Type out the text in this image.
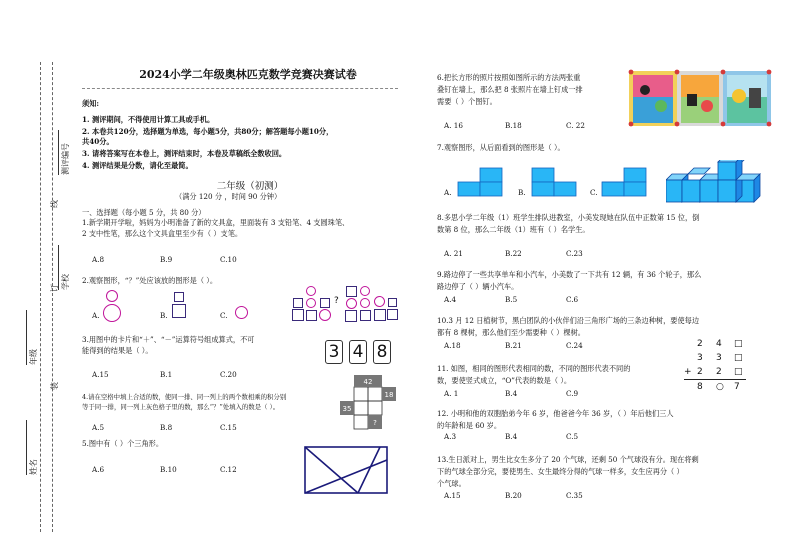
测评编号
学校
年级
姓名
线
订
装
2024小学二年级奥林匹克数学竞赛决赛试卷
须知:
1. 测评期间，不得使用计算工具或手机。
2. 本卷共120分，选择题为单选，每小题5分，共80分；解答题每小题10分，
共40分。
3. 请将答案写在本卷上，测评结束时，本卷及草稿纸全数收回。
4. 测评结果是分数，请化至最简。
二年级（初测）
（满分 120 分 ，时间 90 分钟）
一、选择题（每小题 5 分，共 80 分）
1.新学期开学啦，妈妈为小明准备了新的文具盒，里面装有 3 支铅笔、4 支圆珠笔、
2 支中性笔，那么这个文具盒里至少有（ ）支笔。
A.8	B.9	C.10
2.观察图形，“？”处应该放的图形是（ ）。
A.	B.	C.
?
3.用图中的卡片和“＋”、“－”运算符号组成算式，不可
能得到的结果是（ ）。	3 4 8
A.15	B.1	C.20
4.请在空格中填上合适的数，使同一排、同一列上的两个数相乘的积分别
等于同一排，同一列上灰色格子里的数，那么“？”处填入的数是（ ）。
42
18
35
?
A.5	B.8	C.15
5.图中有（ ）个三角形。
A.6	B.10	C.12
6.把长方形的照片按照如图所示的方法两张重
叠钉在墙上，那么把 8 张照片在墙上钉成一排
需要（ ）个图钉。
A. 16	B.18	C. 22
7.观察图形，从后面看到的图形是（ ）。
A.	B.	C.
8.多思小学二年级（1）班学生排队进教室，小美发现她在队伍中正数第 15 位，倒
数第 8 位，那么二年级（1）班有（ ）名学生。
A. 21	B.22	C.23
9.路边停了一些共享单车和小汽车，小美数了一下共有 12 辆，有 36 个轮子，那么
路边停了（ ）辆小汽车。
A.4	B.5	C.6
10.3 月 12 日植树节，黑白团队的小伙伴们沿三角形广场的三条边种树，要使每边
都有 8 棵树，那么他们至少需要种（ ）棵树。
A.18	B.21	C.24
11. 如图，相同的图形代表相同的数，不同的图形代表不同的
数，要使竖式成立，“O”代表的数是（ ）。
2 4 □
3 3 □
+ 2 2 □
8 ○ 7
A. 1	B.4	C.9
12. 小明和他的双胞胎弟今年 6 岁，他爸爸今年 36 岁，（ ）年后他们三人
的年龄和是 60 岁。
A.3	B.4	C.5
13.生日派对上，男生比女生多分了 20 个气球，还剩 50 个气球没有分。现在将剩
下的气球全部分完，要使男生、女生最终分得的气球一样多，女生应再分（ ）
个气球。
A.15	B.20	C.35
